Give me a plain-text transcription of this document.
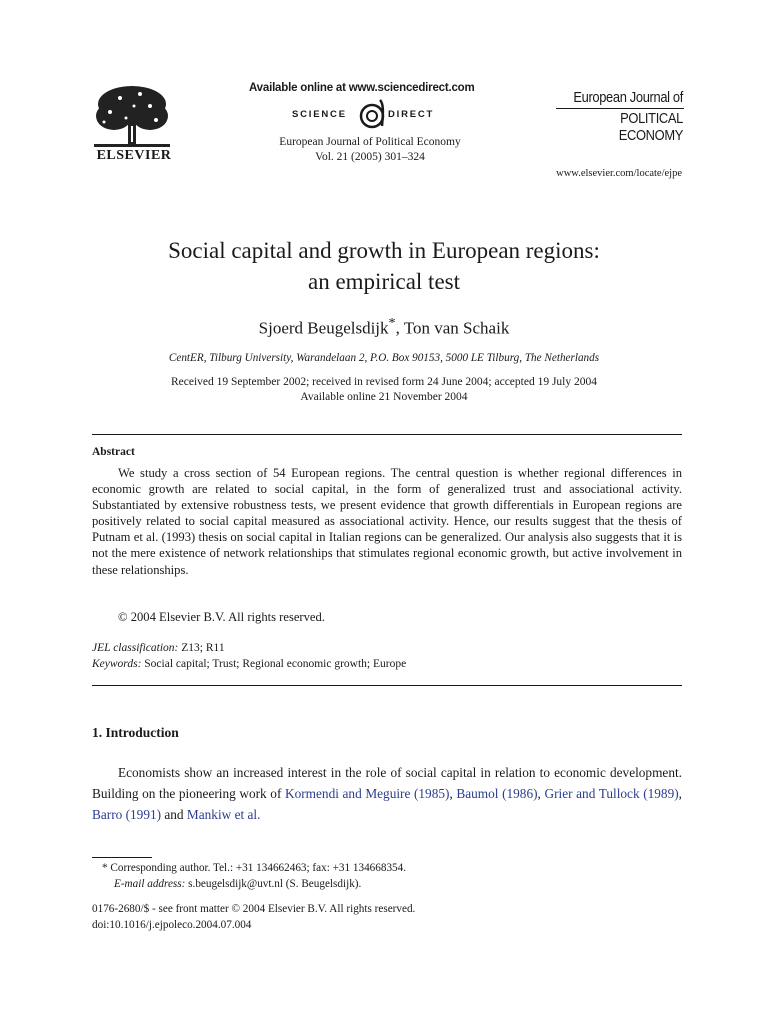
ELSEVIER
Available online at www.sciencedirect.com
SCIENCE	DIRECT
European Journal of Political Economy
Vol. 21 (2005) 301–324
European Journal of
POLITICAL
ECONOMY
www.elsevier.com/locate/ejpe
Social capital and growth in European regions:
an empirical test
Sjoerd Beugelsdijk*, Ton van Schaik
CentER, Tilburg University, Warandelaan 2, P.O. Box 90153, 5000 LE Tilburg, The Netherlands
Received 19 September 2002; received in revised form 24 June 2004; accepted 19 July 2004
Available online 21 November 2004
Abstract
We study a cross section of 54 European regions. The central question is whether regional differences in economic growth are related to social capital, in the form of generalized trust and associational activity. Substantiated by extensive robustness tests, we present evidence that growth differentials in European regions are positively related to social capital measured as associational activity. Hence, our results suggest that the thesis of Putnam et al. (1993) thesis on social capital in Italian regions can be generalized. Our analysis also suggests that it is not the mere existence of network relationships that stimulates regional economic growth, but active involvement in these relationships.
© 2004 Elsevier B.V. All rights reserved.
JEL classification: Z13; R11
Keywords: Social capital; Trust; Regional economic growth; Europe
1. Introduction
Economists show an increased interest in the role of social capital in relation to economic development. Building on the pioneering work of Kormendi and Meguire (1985), Baumol (1986), Grier and Tullock (1989), Barro (1991) and Mankiw et al.
* Corresponding author. Tel.: +31 134662463; fax: +31 134668354.
E-mail address: s.beugelsdijk@uvt.nl (S. Beugelsdijk).
0176-2680/$ - see front matter © 2004 Elsevier B.V. All rights reserved.
doi:10.1016/j.ejpoleco.2004.07.004
